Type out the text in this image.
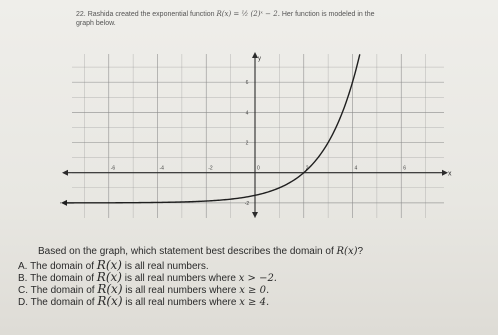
22. Rashida created the exponential function R(x) = ½ (2)ˣ − 2. Her function is modeled in the
graph below.
x
y
-6	-4	-2	0	2	4	6
-2
2
4
6
Based on the graph, which statement best describes the domain of R(x)?
A. The domain of R(x) is all real numbers.
B. The domain of R(x) is all real numbers where x > −2.
C. The domain of R(x) is all real numbers where x ≥ 0.
D. The domain of R(x) is all real numbers where x ≥ 4.
